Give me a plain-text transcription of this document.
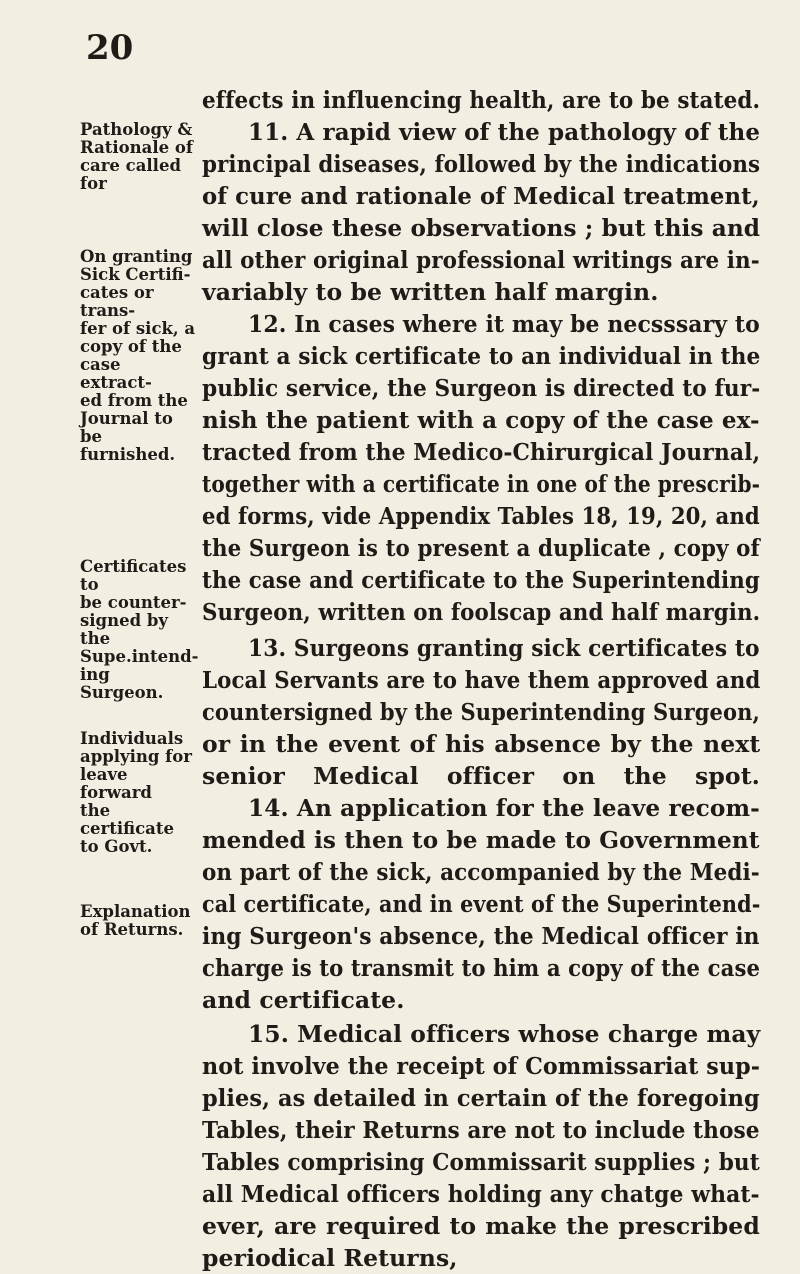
20
Pathology &
Rationale of
care called for
On granting
Sick Certifi-
cates or trans-
fer of sick, a
copy of the
case extract-
ed from the
Journal to be
furnished.
Certificates to
be counter-
signed by the
Supe.intend-
ing Surgeon.
Individuals
applying for
leave forward
the certificate
to Govt.
Explanation
of Returns.
effects in influencing health, are to be stated.
11. A rapid view of the pathology of the
principal diseases, followed by the indications
of cure and rationale of Medical treatment,
will close these observations ; but this and
all other original professional writings are in-
variably to be written half margin.
12. In cases where it may be necsssary to
grant a sick certificate to an individual in the
public service, the Surgeon is directed to fur-
nish the patient with a copy of the case ex-
tracted from the Medico-Chirurgical Journal,
together with a certificate in one of the prescrib-
ed forms, vide Appendix Tables 18, 19, 20, and
the Surgeon is to present a duplicate , copy of
the case and certificate to the Superintending
Surgeon, written on foolscap and half margin.
13. Surgeons granting sick certificates to
Local Servants are to have them approved and
countersigned by the Superintending Surgeon,
or in the event of his absence by the next
senior Medical officer on the spot.
14. An application for the leave recom-
mended is then to be made to Government
on part of the sick, accompanied by the Medi-
cal certificate, and in event of the Superintend-
ing Surgeon's absence, the Medical officer in
charge is to transmit to him a copy of the case
and certificate.
15. Medical officers whose charge may
not involve the receipt of Commissariat sup-
plies, as detailed in certain of the foregoing
Tables, their Returns are not to include those
Tables comprising Commissarit supplies ; but
all Medical officers holding any chatge what-
ever, are required to make the prescribed
periodical Returns,
